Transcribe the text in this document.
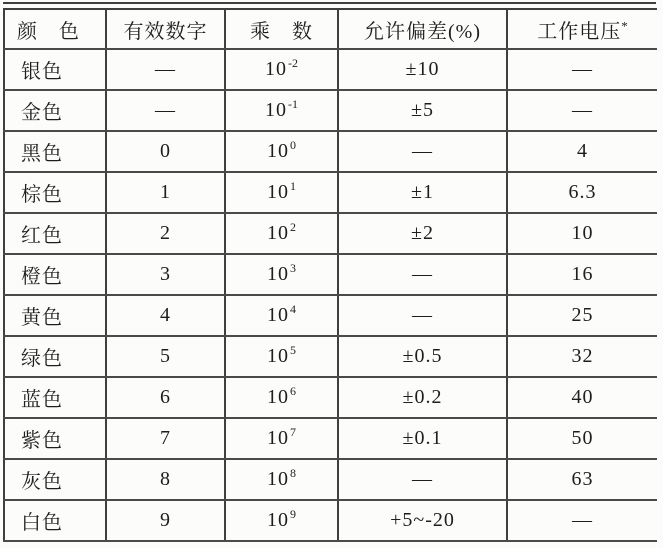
颜　色	有效数字	乘　数	允许偏差(%)	工作电压*
银色	—	$10^{-2}$	±10	—
金色	—	$10^{-1}$	±5	—
黑色	0	$10^0$	—	4
棕色	1	$10^1$	±1	6.3
红色	2	$10^2$	±2	10
橙色	3	$10^3$	—	16
黄色	4	$10^4$	—	25
绿色	5	$10^5$	±0.5	32
蓝色	6	$10^6$	±0.2	40
紫色	7	$10^7$	±0.1	50
灰色	8	$10^8$	—	63
白色	9	$10^9$	+5~-20	—
